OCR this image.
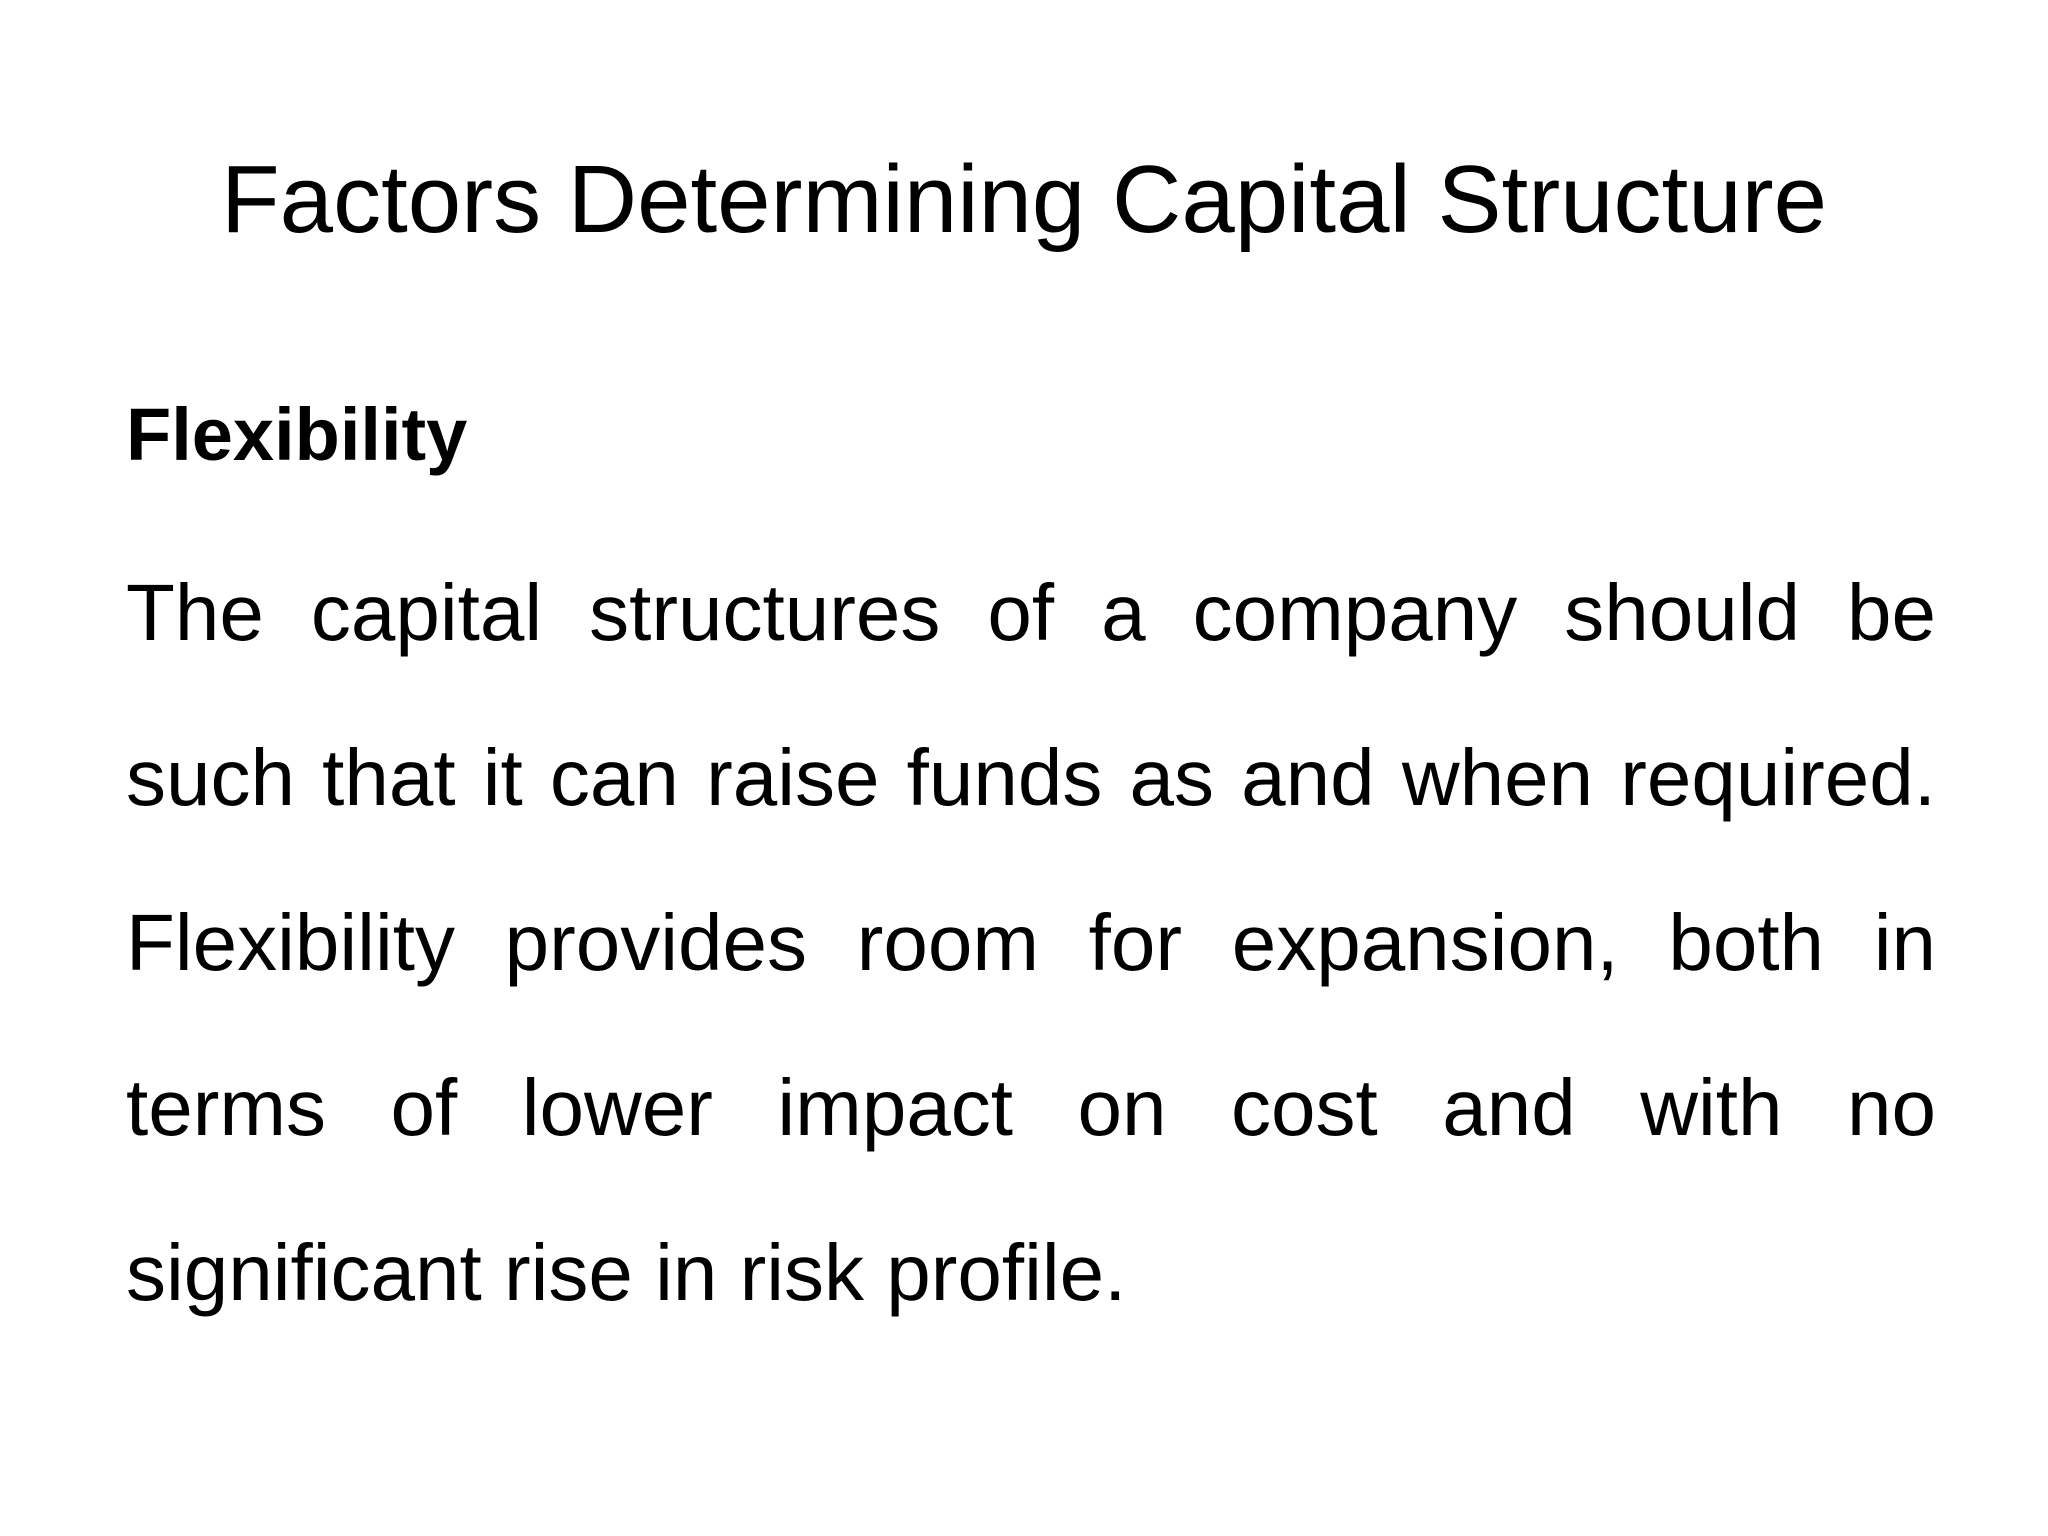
Factors Determining Capital Structure

Flexibility

The capital structures of a company should be such that it can raise funds as and when required. Flexibility provides room for expansion, both in terms of lower impact on cost and with no significant rise in risk profile.
